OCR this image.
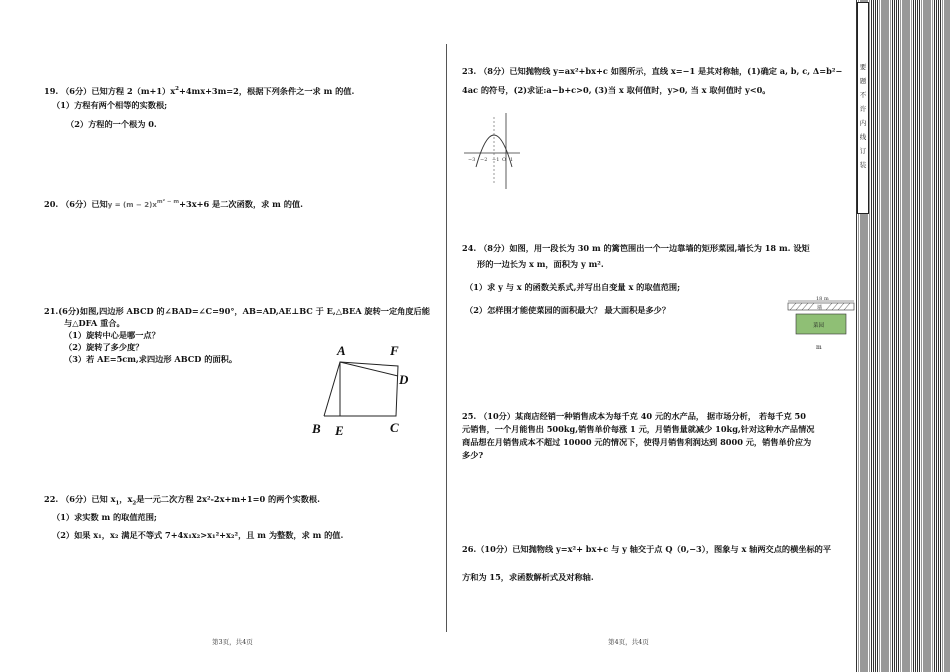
要 题 不 许 内 线 订 装
19. （6分）已知方程 $2(m+1)x^2+4mx+3m=2$，根据下列条件之一求 m 的值.
（1）方程有两个相等的实数根;
（2）方程的一个根为 0.
20. （6分）已知$y = (m - 2)x^{m^2 - m}+3x+6$ 是二次函数，求 m 的值.
21.(6分)如图,四边形 ABCD 的∠BAD=∠C=90°，AB=AD,AE⊥BC 于 E,△BEA 旋转一定角度后能
与△DFA 重合。
（1）旋转中心是哪一点？
（2）旋转了多少度？
（3）若 AE=5cm,求四边形 ABCD 的面积。
A	F
D
B E	C
22. （6分）已知 $x_1$，$x_2$是一元二次方程 2x²-2x+m+1=0 的两个实数根.
（1）求实数 m 的取值范围;
（2）如果 x₁，x₂ 满足不等式 7+4x₁x₂>x₁²+x₂²，且 m 为整数，求 m 的值.
第3页，共4页
23. （8分）已知抛物线 y=ax²+bx+c 如图所示，直线 x=−1 是其对称轴，(1)确定 a, b, c, Δ=b²−
4ac 的符号，(2)求证:a−b+c>0, (3)当 x 取何值时，y>0, 当 x 取何值时 y<0。
−3 −2 −1 O 1
24. （8分）如图，用一段长为 30 m 的篱笆围出一个一边靠墙的矩形菜园,墙长为 18 m. 设矩
形的一边长为 x m，面积为 y m².
（1）求 y 与 x 的函数关系式,并写出自变量 x 的取值范围;
（2）怎样围才能使菜园的面积最大？ 最大面积是多少？
18 m
墙
菜园
m
25. （10分）某商店经销一种销售成本为每千克 40 元的水产品， 据市场分析， 若每千克 50
元销售，一个月能售出 500kg,销售单价每涨 1 元，月销售量就减少 10kg,针对这种水产品情况
商品想在月销售成本不超过 10000 元的情况下，使得月销售利润达到 8000 元，销售单价应为
多少?
26.（10分）已知抛物线 y=x²+ bx+c 与 y 轴交于点 Q（0,−3），图象与 x 轴两交点的横坐标的平
方和为 15，求函数解析式及对称轴.
第4页，共4页
